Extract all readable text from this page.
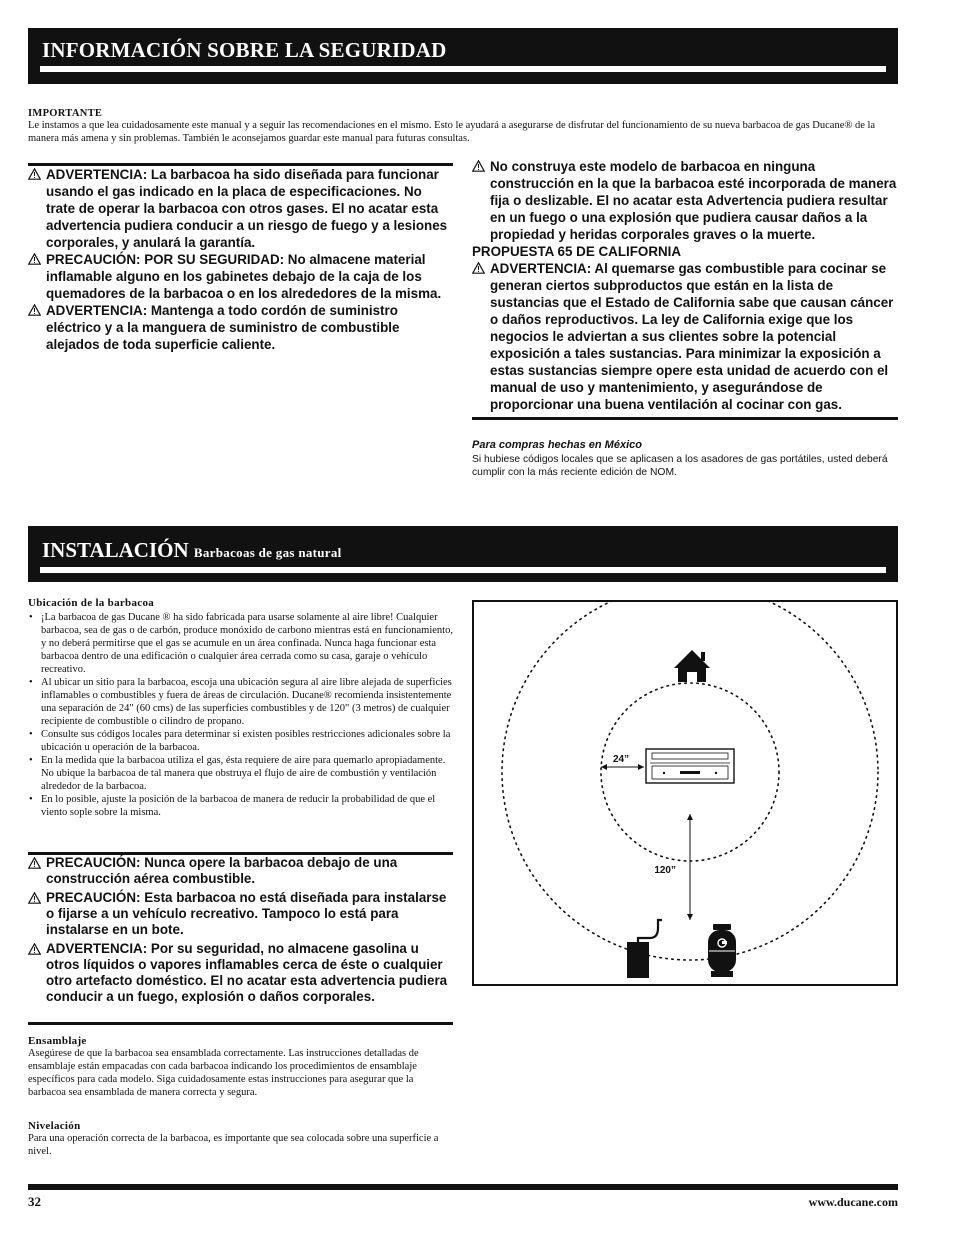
INFORMACIÓN SOBRE LA SEGURIDAD
IMPORTANTE
Le instamos a que lea cuidadosamente este manual y a seguir las recomendaciones en el mismo. Esto le ayudará a asegurarse de disfrutar del funcionamiento de su nueva barbacoa de gas Ducane® de la manera más amena y sin problemas. También le aconsejamos guardar este manual para futuras consultas.
ADVERTENCIA: La barbacoa ha sido diseñada para funcionar usando el gas indicado en la placa de especificaciones. No trate de operar la barbacoa con otros gases. El no acatar esta advertencia pudiera conducir a un riesgo de fuego y a lesiones corporales, y anulará la garantía.
PRECAUCIÓN: POR SU SEGURIDAD: No almacene material inflamable alguno en los gabinetes debajo de la caja de los quemadores de la barbacoa o en los alrededores de la misma.
ADVERTENCIA: Mantenga a todo cordón de suministro eléctrico y a la manguera de suministro de combustible alejados de toda superficie caliente.
No construya este modelo de barbacoa en ninguna construcción en la que la barbacoa esté incorporada de manera fija o deslizable. El no acatar esta Advertencia pudiera resultar en un fuego o una explosión que pudiera causar daños a la propiedad y heridas corporales graves o la muerte.
PROPUESTA 65 DE CALIFORNIA
ADVERTENCIA: Al quemarse gas combustible para cocinar se generan ciertos subproductos que están en la lista de sustancias que el Estado de California sabe que causan cáncer o daños reproductivos. La ley de California exige que los negocios le adviertan a sus clientes sobre la potencial exposición a tales sustancias. Para minimizar la exposición a estas sustancias siempre opere esta unidad de acuerdo con el manual de uso y mantenimiento, y asegurándose de proporcionar una buena ventilación al cocinar con gas.
Para compras hechas en México
Si hubiese códigos locales que se aplicasen a los asadores de gas portátiles, usted deberá cumplir con la más reciente edición de NOM.
INSTALACIÓN Barbacoas de gas natural
Ubicación de la barbacoa
• ¡La barbacoa de gas Ducane ® ha sido fabricada para usarse solamente al aire libre! Cualquier barbacoa, sea de gas o de carbón, produce monóxido de carbono mientras está en funcionamiento, y no deberá permitirse que el gas se acumule en un área confinada. Nunca haga funcionar esta barbacoa dentro de una edificación o cualquier área cerrada como su casa, garaje o vehículo recreativo.
• Al ubicar un sitio para la barbacoa, escoja una ubicación segura al aire libre alejada de superficies inflamables o combustibles y fuera de áreas de circulación. Ducane® recomienda insistentemente una separación de 24" (60 cms) de las superficies combustibles y de 120" (3 metros) de cualquier recipiente de combustible o cilindro de propano.
• Consulte sus códigos locales para determinar si existen posibles restricciones adicionales sobre la ubicación u operación de la barbacoa.
• En la medida que la barbacoa utiliza el gas, ésta requiere de aire para quemarlo apropiadamente. No ubique la barbacoa de tal manera que obstruya el flujo de aire de combustión y ventilación alrededor de la barbacoa.
• En lo posible, ajuste la posición de la barbacoa de manera de reducir la probabilidad de que el viento sople sobre la misma.
PRECAUCIÓN: Nunca opere la barbacoa debajo de una construcción aérea combustible.
PRECAUCIÓN: Esta barbacoa no está diseñada para instalarse o fijarse a un vehículo recreativo. Tampoco lo está para instalarse en un bote.
ADVERTENCIA: Por su seguridad, no almacene gasolina u otros líquidos o vapores inflamables cerca de éste o cualquier otro artefacto doméstico. El no acatar esta advertencia pudiera conducir a un fuego, explosión o daños corporales.
Ensamblaje
Asegúrese de que la barbacoa sea ensamblada correctamente. Las instrucciones detalladas de ensamblaje están empacadas con cada barbacoa indicando los procedimientos de ensamblaje específicos para cada modelo. Siga cuidadosamente estas instrucciones para asegurar que la barbacoa sea ensamblada de manera correcta y segura.
Nivelación
Para una operación correcta de la barbacoa, es importante que sea colocada sobre una superficie a nivel.
24”
120”
32	www.ducane.com
